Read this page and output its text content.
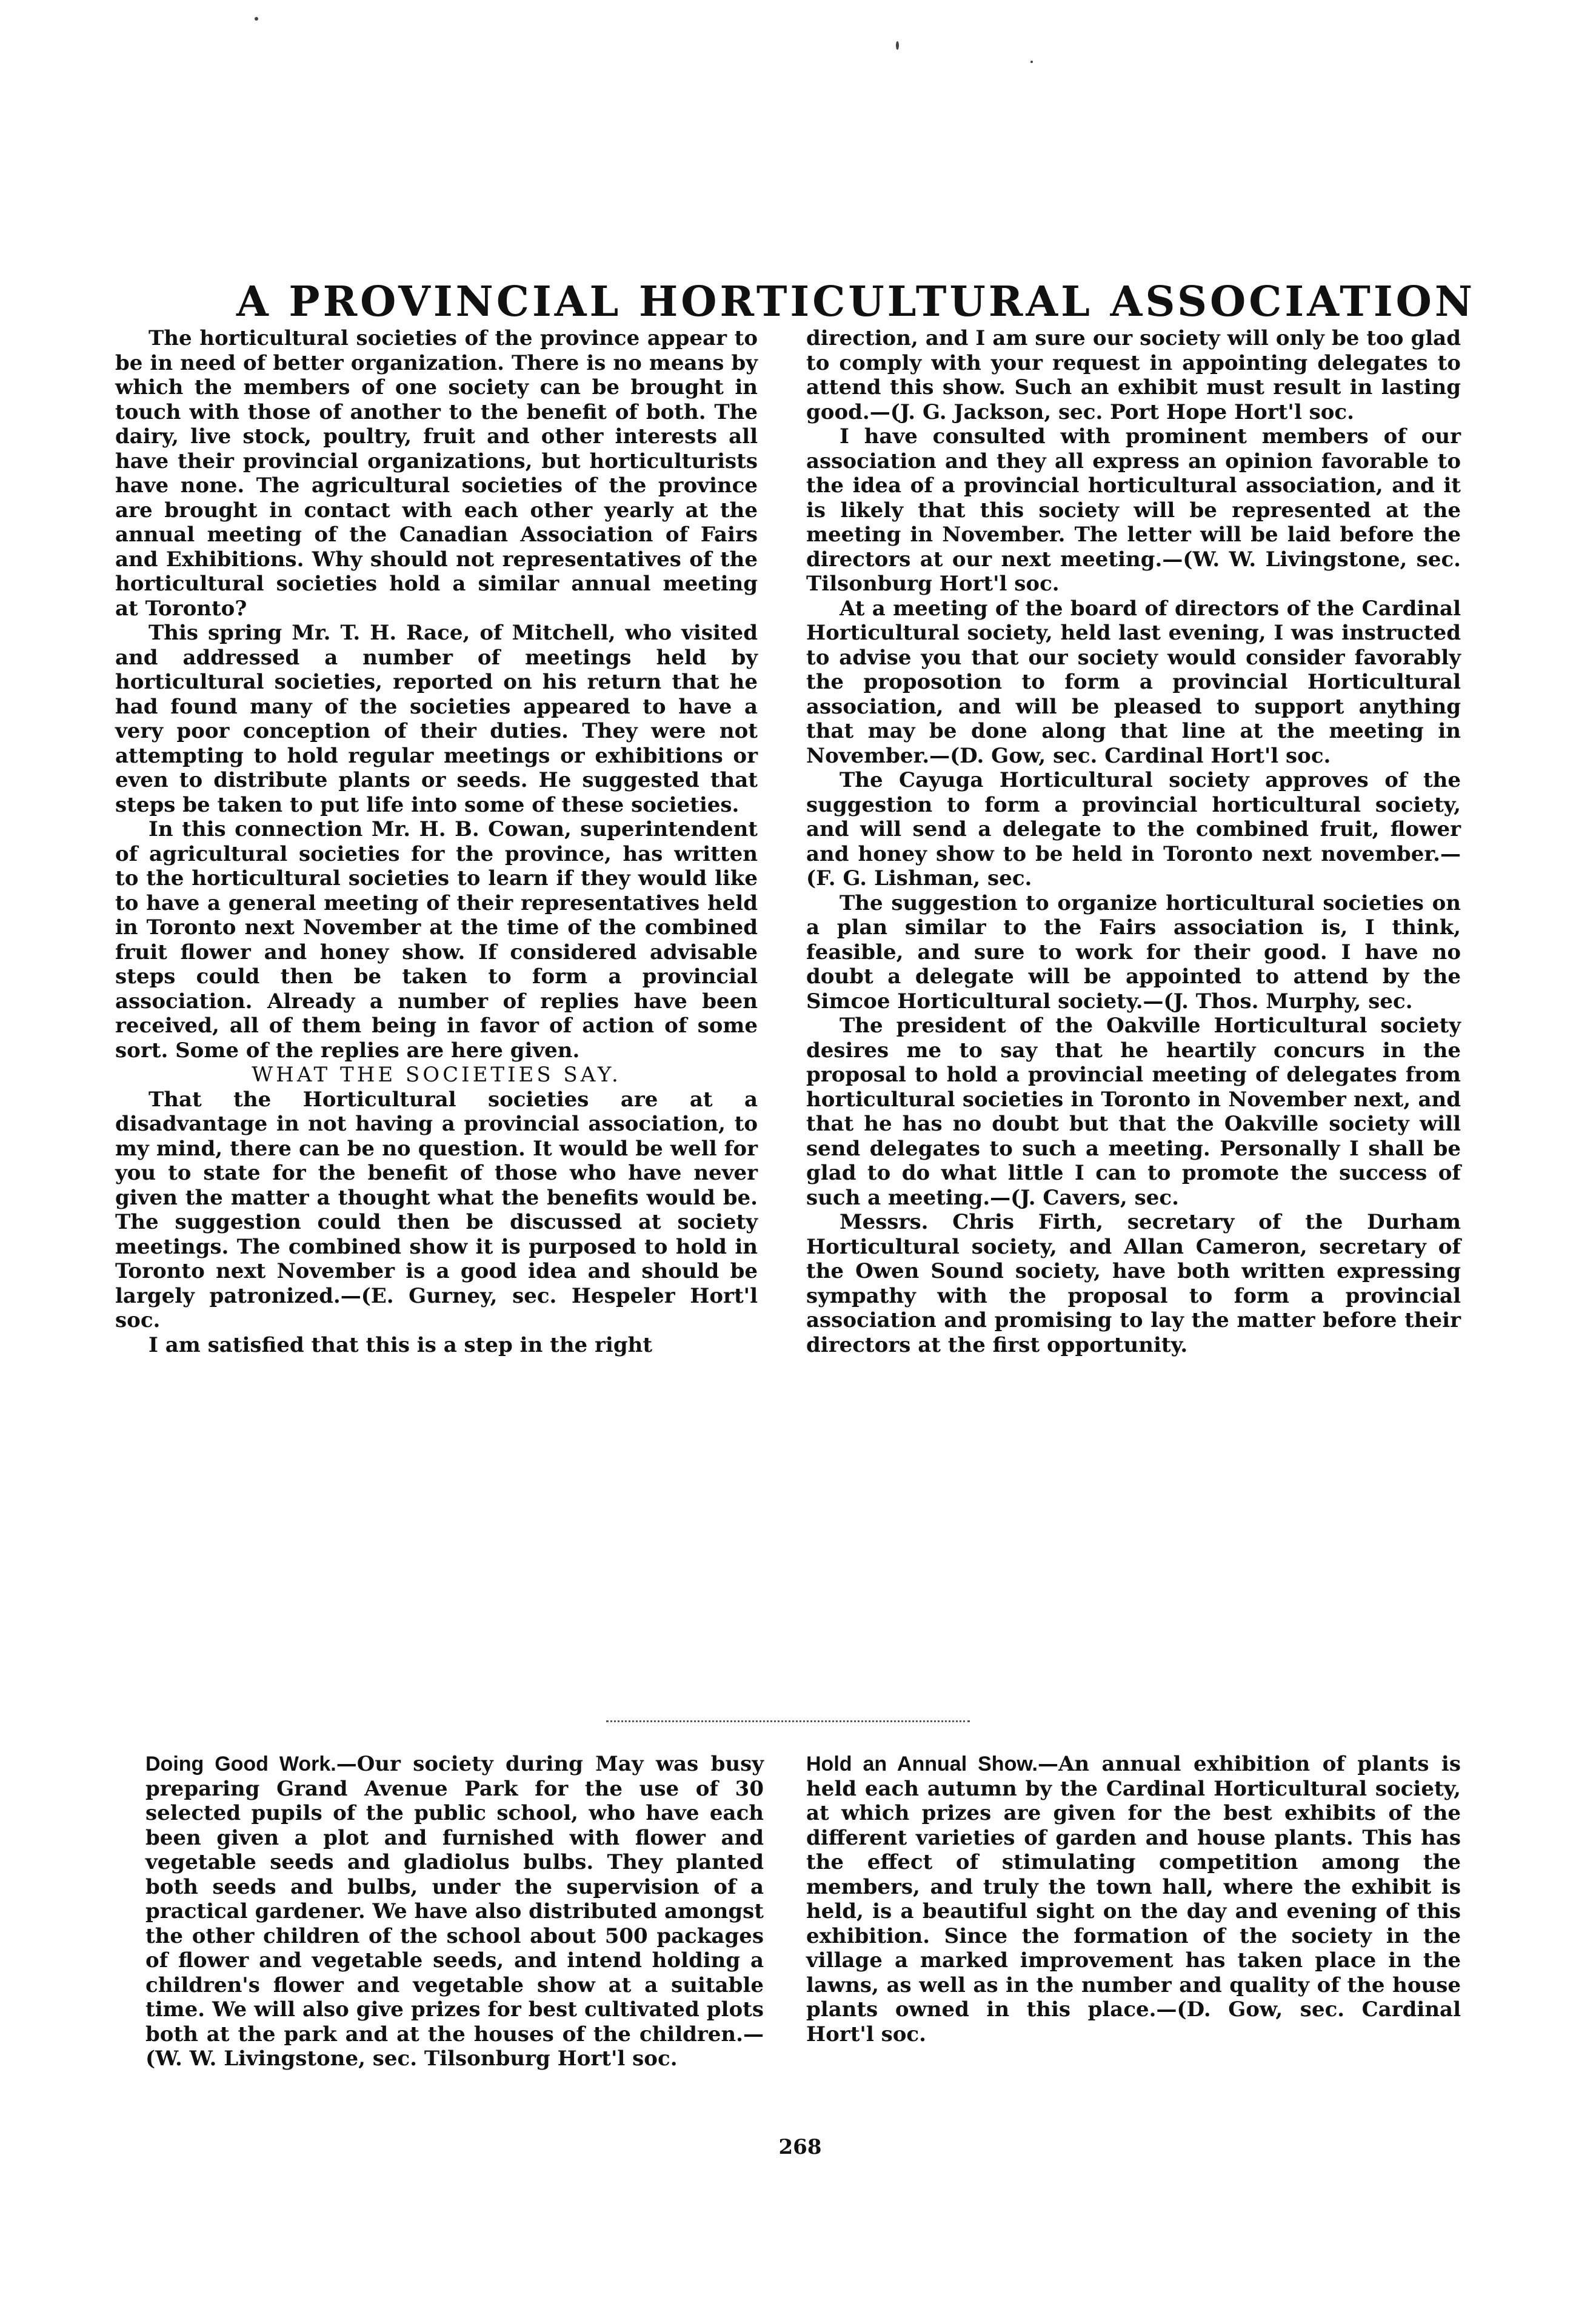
A PROVINCIAL HORTICULTURAL ASSOCIATION

The horticultural societies of the province appear to be in need of better organization. There is no means by which the members of one society can be brought in touch with those of another to the benefit of both. The dairy, live stock, poultry, fruit and other interests all have their provincial organizations, but horticulturists have none. The agricultural societies of the province are brought in contact with each other yearly at the annual meeting of the Canadian Association of Fairs and Exhibitions. Why should not representatives of the horticultural societies hold a similar annual meeting at Toronto?

This spring Mr. T. H. Race, of Mitchell, who visited and addressed a number of meetings held by horticultural societies, reported on his return that he had found many of the societies appeared to have a very poor conception of their duties. They were not attempting to hold regular meetings or exhibitions or even to distribute plants or seeds. He suggested that steps be taken to put life into some of these societies.

In this connection Mr. H. B. Cowan, superintendent of agricultural societies for the province, has written to the horticultural societies to learn if they would like to have a general meeting of their representatives held in Toronto next November at the time of the combined fruit flower and honey show. If considered advisable steps could then be taken to form a provincial association. Already a number of replies have been received, all of them being in favor of action of some sort. Some of the replies are here given.

WHAT THE SOCIETIES SAY.

That the Horticultural societies are at a disadvantage in not having a provincial association, to my mind, there can be no question. It would be well for you to state for the benefit of those who have never given the matter a thought what the benefits would be. The suggestion could then be discussed at society meetings. The combined show it is purposed to hold in Toronto next November is a good idea and should be largely patronized.—(E. Gurney, sec. Hespeler Hort'l soc.

I am satisfied that this is a step in the right

direction, and I am sure our society will only be too glad to comply with your request in appointing delegates to attend this show. Such an exhibit must result in lasting good.—(J. G. Jackson, sec. Port Hope Hort'l soc.

I have consulted with prominent members of our association and they all express an opinion favorable to the idea of a provincial horticultural association, and it is likely that this society will be represented at the meeting in November. The letter will be laid before the directors at our next meeting.—(W. W. Livingstone, sec. Tilsonburg Hort'l soc.

At a meeting of the board of directors of the Cardinal Horticultural society, held last evening, I was instructed to advise you that our society would consider favorably the proposotion to form a provincial Horticultural association, and will be pleased to support anything that may be done along that line at the meeting in November.—(D. Gow, sec. Cardinal Hort'l soc.

The Cayuga Horticultural society approves of the suggestion to form a provincial horticultural society, and will send a delegate to the combined fruit, flower and honey show to be held in Toronto next november.—(F. G. Lishman, sec.

The suggestion to organize horticultural societies on a plan similar to the Fairs association is, I think, feasible, and sure to work for their good. I have no doubt a delegate will be appointed to attend by the Simcoe Horticultural society.—(J. Thos. Murphy, sec.

The president of the Oakville Horticultural society desires me to say that he heartily concurs in the proposal to hold a provincial meeting of delegates from horticultural societies in Toronto in November next, and that he has no doubt but that the Oakville society will send delegates to such a meeting. Personally I shall be glad to do what little I can to promote the success of such a meeting.—(J. Cavers, sec.

Messrs. Chris Firth, secretary of the Durham Horticultural society, and Allan Cameron, secretary of the Owen Sound society, have both written expressing sympathy with the proposal to form a provincial association and promising to lay the matter before their directors at the first opportunity.

Doing Good Work.—Our society during May was busy preparing Grand Avenue Park for the use of 30 selected pupils of the public school, who have each been given a plot and furnished with flower and vegetable seeds and gladiolus bulbs. They planted both seeds and bulbs, under the supervision of a practical gardener. We have also distributed amongst the other children of the school about 500 packages of flower and vegetable seeds, and intend holding a children's flower and vegetable show at a suitable time. We will also give prizes for best cultivated plots both at the park and at the houses of the children.—(W. W. Livingstone, sec. Tilsonburg Hort'l soc.

Hold an Annual Show.—An annual exhibition of plants is held each autumn by the Cardinal Horticultural society, at which prizes are given for the best exhibits of the different varieties of garden and house plants. This has the effect of stimulating competition among the members, and truly the town hall, where the exhibit is held, is a beautiful sight on the day and evening of this exhibition. Since the formation of the society in the village a marked improvement has taken place in the lawns, as well as in the number and quality of the house plants owned in this place.—(D. Gow, sec. Cardinal Hort'l soc.

268
